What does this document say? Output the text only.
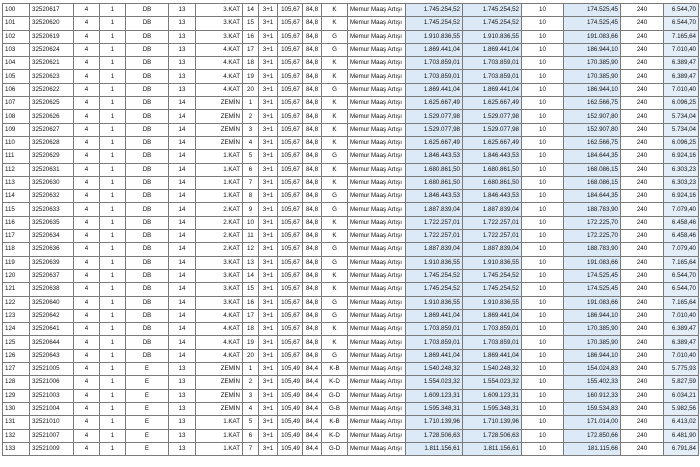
100	32520617	4	1	DB	13	3.KAT	14	3+1	105,67	84,8	K	Memur Maaş Artışı	1.745.254,52	1.745.254,52	10	174.525,45	240	6.544,70
101	32520620	4	1	DB	13	3.KAT	15	3+1	105,67	84,8	K	Memur Maaş Artışı	1.745.254,52	1.745.254,52	10	174.525,45	240	6.544,70
102	32520619	4	1	DB	13	3.KAT	16	3+1	105,67	84,8	G	Memur Maaş Artışı	1.910.836,55	1.910.836,55	10	191.083,66	240	7.165,64
103	32520624	4	1	DB	13	4.KAT	17	3+1	105,67	84,8	G	Memur Maaş Artışı	1.869.441,04	1.869.441,04	10	186.944,10	240	7.010,40
104	32520621	4	1	DB	13	4.KAT	18	3+1	105,67	84,8	K	Memur Maaş Artışı	1.703.859,01	1.703.859,01	10	170.385,90	240	6.389,47
105	32520623	4	1	DB	13	4.KAT	19	3+1	105,67	84,8	K	Memur Maaş Artışı	1.703.859,01	1.703.859,01	10	170.385,90	240	6.389,47
106	32520622	4	1	DB	13	4.KAT	20	3+1	105,67	84,8	G	Memur Maaş Artışı	1.869.441,04	1.869.441,04	10	186.944,10	240	7.010,40
107	32520625	4	1	DB	14	ZEMİN	1	3+1	105,67	84,8	K	Memur Maaş Artışı	1.625.667,49	1.625.667,49	10	162.566,75	240	6.096,25
108	32520626	4	1	DB	14	ZEMİN	2	3+1	105,67	84,8	K	Memur Maaş Artışı	1.529.077,98	1.529.077,98	10	152.907,80	240	5.734,04
109	32520627	4	1	DB	14	ZEMİN	3	3+1	105,67	84,8	K	Memur Maaş Artışı	1.529.077,98	1.529.077,98	10	152.907,80	240	5.734,04
110	32520628	4	1	DB	14	ZEMİN	4	3+1	105,67	84,8	K	Memur Maaş Artışı	1.625.667,49	1.625.667,49	10	162.566,75	240	6.096,25
111	32520629	4	1	DB	14	1.KAT	5	3+1	105,67	84,8	G	Memur Maaş Artışı	1.846.443,53	1.846.443,53	10	184.644,35	240	6.924,16
112	32520631	4	1	DB	14	1.KAT	6	3+1	105,67	84,8	K	Memur Maaş Artışı	1.680.861,50	1.680.861,50	10	168.086,15	240	6.303,23
113	32520630	4	1	DB	14	1.KAT	7	3+1	105,67	84,8	K	Memur Maaş Artışı	1.680.861,50	1.680.861,50	10	168.086,15	240	6.303,23
114	32520632	4	1	DB	14	1.KAT	8	3+1	105,67	84,8	G	Memur Maaş Artışı	1.846.443,53	1.846.443,53	10	184.644,35	240	6.924,16
115	32520633	4	1	DB	14	2.KAT	9	3+1	105,67	84,8	G	Memur Maaş Artışı	1.887.839,04	1.887.839,04	10	188.783,90	240	7.079,40
116	32520635	4	1	DB	14	2.KAT	10	3+1	105,67	84,8	K	Memur Maaş Artışı	1.722.257,01	1.722.257,01	10	172.225,70	240	6.458,46
117	32520634	4	1	DB	14	2.KAT	11	3+1	105,67	84,8	K	Memur Maaş Artışı	1.722.257,01	1.722.257,01	10	172.225,70	240	6.458,46
118	32520636	4	1	DB	14	2.KAT	12	3+1	105,67	84,8	G	Memur Maaş Artışı	1.887.839,04	1.887.839,04	10	188.783,90	240	7.079,40
119	32520639	4	1	DB	14	3.KAT	13	3+1	105,67	84,8	G	Memur Maaş Artışı	1.910.836,55	1.910.836,55	10	191.083,66	240	7.165,64
120	32520637	4	1	DB	14	3.KAT	14	3+1	105,67	84,8	K	Memur Maaş Artışı	1.745.254,52	1.745.254,52	10	174.525,45	240	6.544,70
121	32520638	4	1	DB	14	3.KAT	15	3+1	105,67	84,8	K	Memur Maaş Artışı	1.745.254,52	1.745.254,52	10	174.525,45	240	6.544,70
122	32520640	4	1	DB	14	3.KAT	16	3+1	105,67	84,8	G	Memur Maaş Artışı	1.910.836,55	1.910.836,55	10	191.083,66	240	7.165,64
123	32520642	4	1	DB	14	4.KAT	17	3+1	105,67	84,8	G	Memur Maaş Artışı	1.869.441,04	1.869.441,04	10	186.944,10	240	7.010,40
124	32520641	4	1	DB	14	4.KAT	18	3+1	105,67	84,8	K	Memur Maaş Artışı	1.703.859,01	1.703.859,01	10	170.385,90	240	6.389,47
125	32520644	4	1	DB	14	4.KAT	19	3+1	105,67	84,8	K	Memur Maaş Artışı	1.703.859,01	1.703.859,01	10	170.385,90	240	6.389,47
126	32520643	4	1	DB	14	4.KAT	20	3+1	105,67	84,8	G	Memur Maaş Artışı	1.869.441,04	1.869.441,04	10	186.944,10	240	7.010,40
127	32521005	4	1	E	13	ZEMİN	1	3+1	105,49	84,4	K-B	Memur Maaş Artışı	1.540.248,32	1.540.248,32	10	154.024,83	240	5.775,93
128	32521006	4	1	E	13	ZEMİN	2	3+1	105,49	84,4	K-D	Memur Maaş Artışı	1.554.023,32	1.554.023,32	10	155.402,33	240	5.827,59
129	32521003	4	1	E	13	ZEMİN	3	3+1	105,49	84,4	G-D	Memur Maaş Artışı	1.609.123,31	1.609.123,31	10	160.912,33	240	6.034,21
130	32521004	4	1	E	13	ZEMİN	4	3+1	105,49	84,4	G-B	Memur Maaş Artışı	1.595.348,31	1.595.348,31	10	159.534,83	240	5.982,56
131	32521010	4	1	E	13	1.KAT	5	3+1	105,49	84,4	K-B	Memur Maaş Artışı	1.710.139,96	1.710.139,96	10	171.014,00	240	6.413,02
132	32521007	4	1	E	13	1.KAT	6	3+1	105,49	84,4	K-D	Memur Maaş Artışı	1.728.506,63	1.728.506,63	10	172.850,66	240	6.481,90
133	32521009	4	1	E	13	1.KAT	7	3+1	105,49	84,4	G-D	Memur Maaş Artışı	1.811.156,61	1.811.156,61	10	181.115,66	240	6.791,84
